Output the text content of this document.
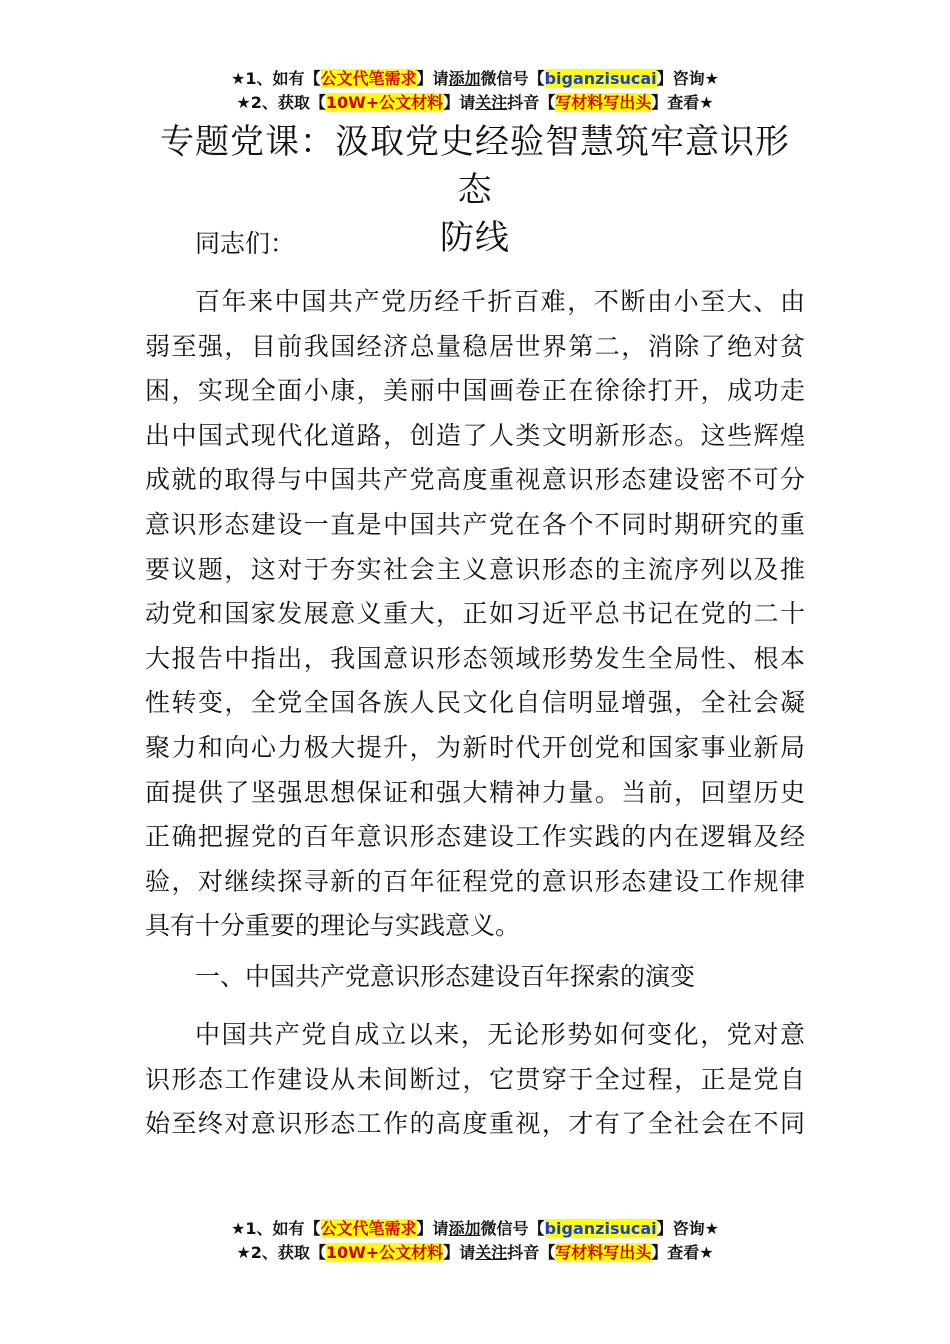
★1、如有【公文代笔需求】请添加微信号【biganzisucai】咨询★
★2、获取【10W+公文材料】请关注抖音【写材料写出头】查看★
专题党课：汲取党史经验智慧筑牢意识形态
防线
同志们：
百年来中国共产党历经千折百难，不断由小至大、由
弱至强，目前我国经济总量稳居世界第二，消除了绝对贫
困，实现全面小康，美丽中国画卷正在徐徐打开，成功走
出中国式现代化道路，创造了人类文明新形态。这些辉煌
成就的取得与中国共产党高度重视意识形态建设密不可分
意识形态建设一直是中国共产党在各个不同时期研究的重
要议题，这对于夯实社会主义意识形态的主流序列以及推
动党和国家发展意义重大，正如习近平总书记在党的二十
大报告中指出，我国意识形态领域形势发生全局性、根本
性转变，全党全国各族人民文化自信明显增强，全社会凝
聚力和向心力极大提升，为新时代开创党和国家事业新局
面提供了坚强思想保证和强大精神力量。当前，回望历史
正确把握党的百年意识形态建设工作实践的内在逻辑及经
验，对继续探寻新的百年征程党的意识形态建设工作规律
具有十分重要的理论与实践意义。
一、中国共产党意识形态建设百年探索的演变
中国共产党自成立以来，无论形势如何变化，党对意
识形态工作建设从未间断过，它贯穿于全过程，正是党自
始至终对意识形态工作的高度重视，才有了全社会在不同
★1、如有【公文代笔需求】请添加微信号【biganzisucai】咨询★
★2、获取【10W+公文材料】请关注抖音【写材料写出头】查看★
